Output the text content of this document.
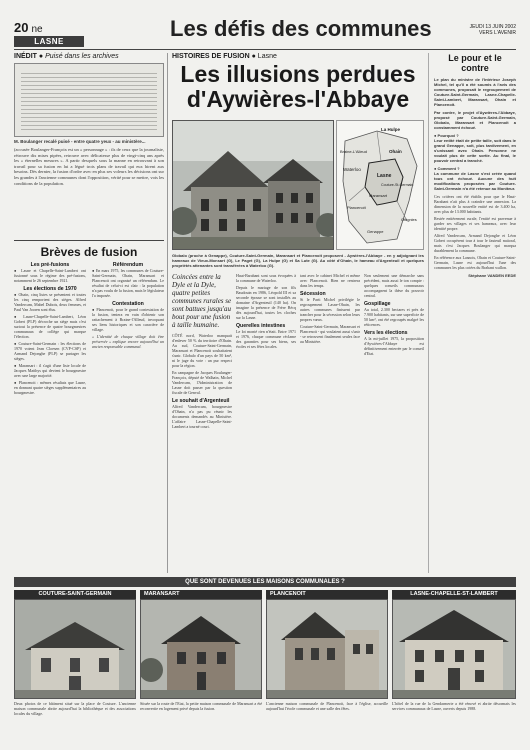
20 ne
LASNE
Les défis des communes	JEUDI 13 JUIN 2002
VERS L'AVENIR
INÉDIT ● Puisé dans les archives
M. Boulanger recalé puisé - entre quatre yeux - au ministère...
(accusée Boulanger-Françoix est un « personnage » : ils de ceux que la journaliste, rétrouve dix mises pipées, retrouve avec délicatesse plus de vingt-cinq ans après les « éternelles mesures ». A partir desquels sous la manne en retrouvant à son travail pour sa fusion en lui a légué trois plans de travail qui eux hirent aux besoins. Dès dernier, la fusion d'ordre avec en plus ses voleurs les décisions ont sur les grandes à l'ancienne communes dont l'opposition, vérité pour se mettre, vois les conditions de la population.
Brèves de fusion
Les pré-fusions
● Lasne et Chapelle-Saint-Lambert ont fusionné sous le régime des pré-fusions, notamment le 26 septembre 1921.
Les élections de 1970
● Ohain, cinq listes se présentent et toutes les cinq remportent des sièges. Alfred Vandercam, Mabel Dubois, deux femmes, et Paul Van Jooren sont élus.
● Lasne-Chapelle-Saint-Lambert, Léon Gobert (PLP) décroche un siège mais c'est surtout la présence de quatre bourgmestres communaux de collège qui marque l'élection.
● Couture-Saint-Germain : les élections de 1970 voient Jean Cloesen (CVP-CSP) et Armand Dejonghe (PLP) se partager les sièges.
● Maransart : il s'agit d'une liste locale de Jacques Matthys qui devient le bourgmestre avec une large majorité.
● Plancenoit : mêmes résultats que Lasne, en donnant quatre sièges supplémentaires au bourgmestre.
Référendum
● En mars 1975, les communes de Couture-Saint-Germain, Ohain, Maransart et Plancenoit ont organisé un référendum. Le résultat de celui-ci est clair : la population n'a pas voulu de la fusion, mais le législateur l'a imposée.
Contestation
● Plancenoit, pour le grand contestation de la fusion, tentera en vain d'obtenir son rattachement à Braine-l'Alleud, invoquant ses liens historiques et son caractère de village.
« L'identité de chaque village doit être préservée » explique encore aujourd'hui un ancien responsable communal.
HISTOIRES DE FUSION ● Lasne
Les illusions perdues
d'Aywières-l'Abbaye
La Hulpe
Braine-L'Alleud	Ohain
Waterloo
Lasne
Couture-St-Germain
Maransart
Plancenoit
Genappe
Ottignies
Globalo (proche à Genappe), Couture-Saint-Germain, Maransart et Plancenoit proposent - Aywières-l'Abbaye - en y adjoignant les hameaux de Vieux-Monsart (G), Le Paget (G), La Hulpe (G) et Sa Lute (G). Au côté d'Ohain, Ie hameau d'Argenteuil et quelques propriétés attenantes sont transférées à Waterloo (G).
Coincées entre la Dyle et la Dyle, quatre petites communes rurales se sont battues jusqu'au bout pour une fusion à taille humaine.
CÔTÉ nord, Waterloo manquait d'enlever 50 % du territoire d'Ohain. Au sud, Couture-Saint-Germain, Maransart et Plancenoit souhaitaient s'unir. Globalo d'un pays de 50 km², ni le juge du vote : un pur respect pour la région.
En campagne de Jacques Boulanger-Françoix, député de Walhain, Michel Vandercam, l'Administration de Lasne doit passer par la question fiscale de Genval.
Le souhait d'Argenteuil
Alfred Vandercam, bourgmestre d'Ohain, n'a pas pu réunir les documents demandés au Ministère. L'affaire Lasne-Chapelle-Saint-Lambert a tourné court.
Haut-Barabant sont sous évoquées à la commune de Waterloo.
Depuis le mariage de son fils Baudouin en 1986, Léopold III et sa seconde épouse se sont installés au domaine d'Argenteuil (140 ha). On imagine la présence de Frère Bécq dès aujourd'hui, toutes les cloches sur la Lasne.
Querelles intestines
Le lot monté rien n'était. Entre 1971 et 1976, chaque commune réclame des garanties pour ses biens, ses écoles et ses fêtes locales.
tant avec le cabinet Michel et même avec Plancenoit. Rien ne rentrera dans les temps.
Sécession
Si le Parti Michel privilégie le regroupement Lasne-Ohain, les autres communes finissent par trancher pour la sécession selon leurs propres vœux.
Couture-Saint-Germain, Maransart et Plancenoit - qui voulaient aussi s'unir - se retrouvent finalement seules face au Ministère.
Non seulement une démarche sans précédent, mais aussi le ton compte : quelques conseils communaux accompagnent la thèse du pouvoir central.
Gospillage
Au total, 2.300 hectares et près de 7.900 habitants, sur une superficie de 50 km², ont été regroupés malgré les réticences.
Vers les élections
A la mi-juillet 1975, la proposition d'Aywières-l'Abbaye est définitivement enterrée par le conseil d'Etat.
Le pour et le contre
Le plan du ministre de l'Intérieur Joseph Michel, tel qu'il a été soumis à l'avis des communes, proposait le regroupement de Couture-Saint-Germain, Lasne-Chapelle-Saint-Lambert, Maransart, Ohain et Plancenoit.
Par contre, le projet d'Aywières-l'Abbaye, proposé par Couture-Saint-Germain, Globalo, Maransart et Plancenoit a constamment échoué.
● Pourquoi ?
Leur entité était de petite taille, soit dans le grand Genappe, soit, plus tardivement, en s'unissant avec Ohain. Personne ne voulait plus de cette sortie. Au final, le pouvoir central a tranché.
● Comment ?
La commune de Lasne s'est créée quand tous ont échoué. Aucune des huit modifications proposées par Couture-Saint-Germain n'a été retenue au Moniteur.
Ces critères ont été établis pour que le Haut-Barabant n'ait plus à craindre une annexion. La dimension de la nouvelle entité est de 3.400 ha, avec plus de 13.000 habitants.
Restée entièrement rurale, l'entité est parvenue à garder ses villages et ses hameaux, avec leur identité propre.
Alfred Vandercam, Armand Dejonghe et Léon Gobert occupèrent tour à tour le fauteuil maïoral, mais c'est Jacques Boulanger qui marqua durablement la commune.
En référence aux Lasnois, Ohain et Couture-Saint-Germain, Lasne est aujourd'hui l'une des communes les plus cotées du Brabant wallon.
Stéphane VANDEN EEDE
QUE SONT DEVENUES LES MAISONS COMMUNALES ?
COUTURE-SAINT-GERMAIN
Deux photos de ce bâtiment situé sur la place de Couture. L'ancienne maison communale abrite aujourd'hui la bibliothèque et des associations locales du village.
MARANSART
Située sur la route de l'Etat, la petite maison communale de Maransart a été reconvertie en logement privé depuis la fusion.
PLANCENOIT
L'ancienne maison communale de Plancenoit, face à l'église, accueille aujourd'hui l'école communale et une salle des fêtes.
LASNE-CHAPELLE-ST-LAMBERT
L'hôtel de la rue de la Gendarmerie a été rénové et abrite désormais les services communaux de Lasne, ouverts depuis 1988.
